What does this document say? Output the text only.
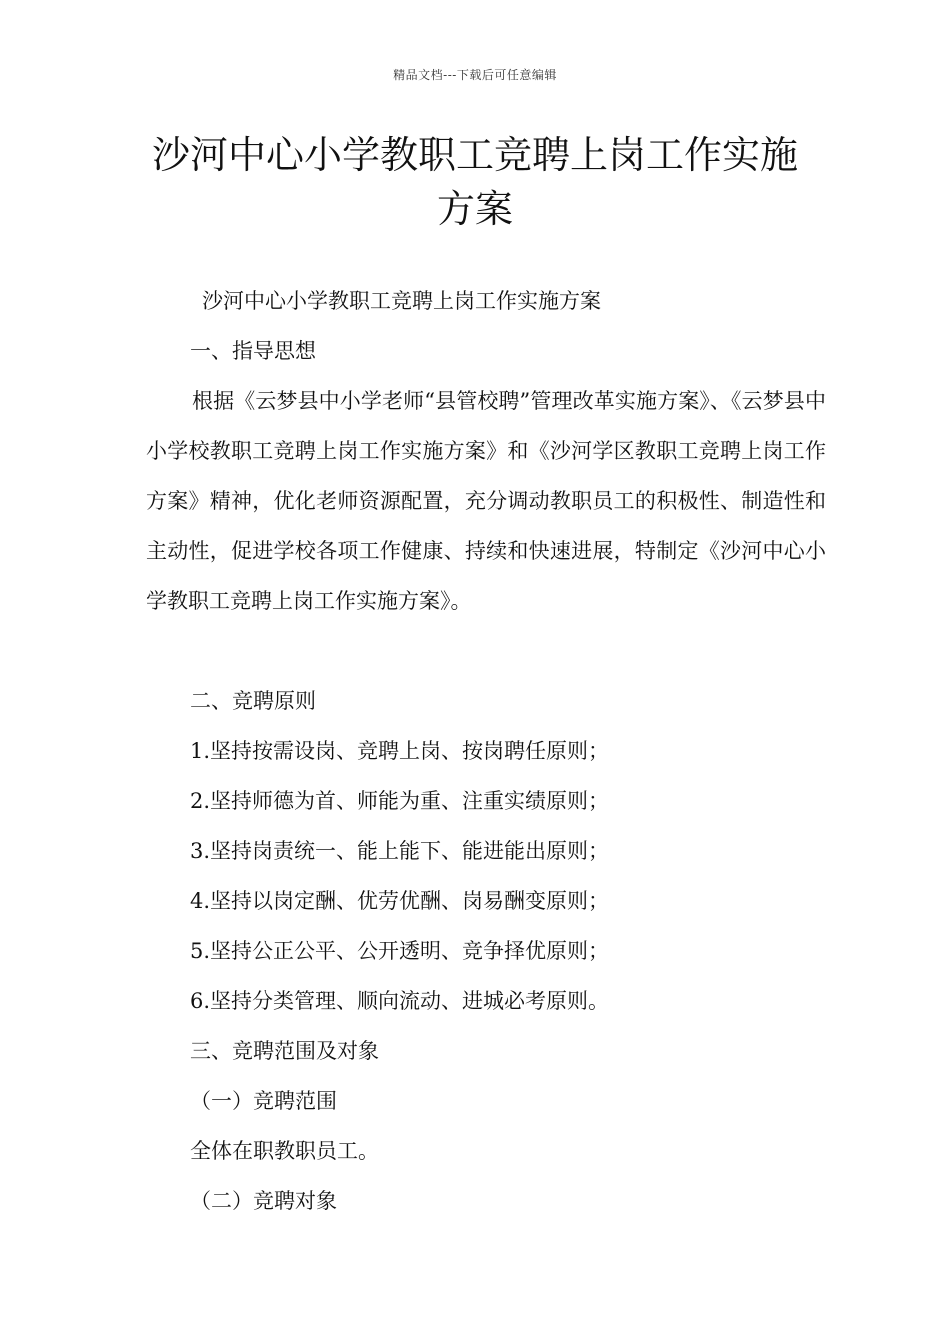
精品文档---下载后可任意编辑
沙河中心小学教职工竞聘上岗工作实施方案

沙河中心小学教职工竞聘上岗工作实施方案

一、指导思想

根据《云梦县中小学老师“县管校聘”管理改革实施方案》、《云梦县中小学校教职工竞聘上岗工作实施方案》和《沙河学区教职工竞聘上岗工作方案》精神，优化老师资源配置，充分调动教职员工的积极性、制造性和主动性，促进学校各项工作健康、持续和快速进展，特制定《沙河中心小学教职工竞聘上岗工作实施方案》。

二、竞聘原则

1.坚持按需设岗、竞聘上岗、按岗聘任原则；

2.坚持师德为首、师能为重、注重实绩原则；

3.坚持岗责统一、能上能下、能进能出原则；

4.坚持以岗定酬、优劳优酬、岗易酬变原则；

5.坚持公正公平、公开透明、竞争择优原则；

6.坚持分类管理、顺向流动、进城必考原则。

三、竞聘范围及对象

（一）竞聘范围

全体在职教职员工。

（二）竞聘对象
